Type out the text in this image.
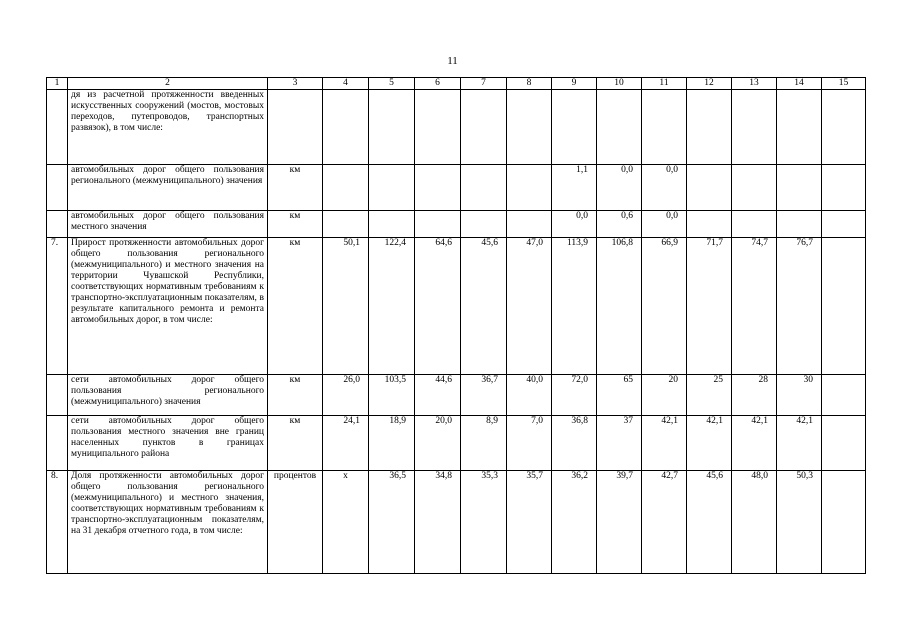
11
1	2	3	4	5	6	7	8	9	10	11	12	13	14	15
	дя из расчетной протяженности введенных искусственных сооружений (мостов, мостовых переходов, путепроводов, транспортных развязок), в том числе:													
	автомобильных дорог общего пользования регионального (межмуниципального) значения	км						1,1	0,0	0,0				
	автомобильных дорог общего пользования местного значения	км						0,0	0,6	0,0				
7.	Прирост протяженности автомобильных дорог общего пользования регионального (межмуниципального) и местного значения на территории Чувашской Республики, соответствующих нормативным требованиям к транспортно-эксплуатационным показателям, в результате капитального ремонта и ремонта автомобильных дорог, в том числе:	км	50,1	122,4	64,6	45,6	47,0	113,9	106,8	66,9	71,7	74,7	76,7	
	сети автомобильных дорог общего пользования регионального (межмуниципального) значения	км	26,0	103,5	44,6	36,7	40,0	72,0	65	20	25	28	30	
	сети автомобильных дорог общего пользования местного значения вне границ населенных пунктов в границах муниципального района	км	24,1	18,9	20,0	8,9	7,0	36,8	37	42,1	42,1	42,1	42,1	
8.	Доля протяженности автомобильных дорог общего пользования регионального (межмуниципального) и местного значения, соответствующих нормативным требованиям к транспортно-эксплуатационным показателям, на 31 декабря отчетного года, в том числе:	процентов	х	36,5	34,8	35,3	35,7	36,2	39,7	42,7	45,6	48,0	50,3	
